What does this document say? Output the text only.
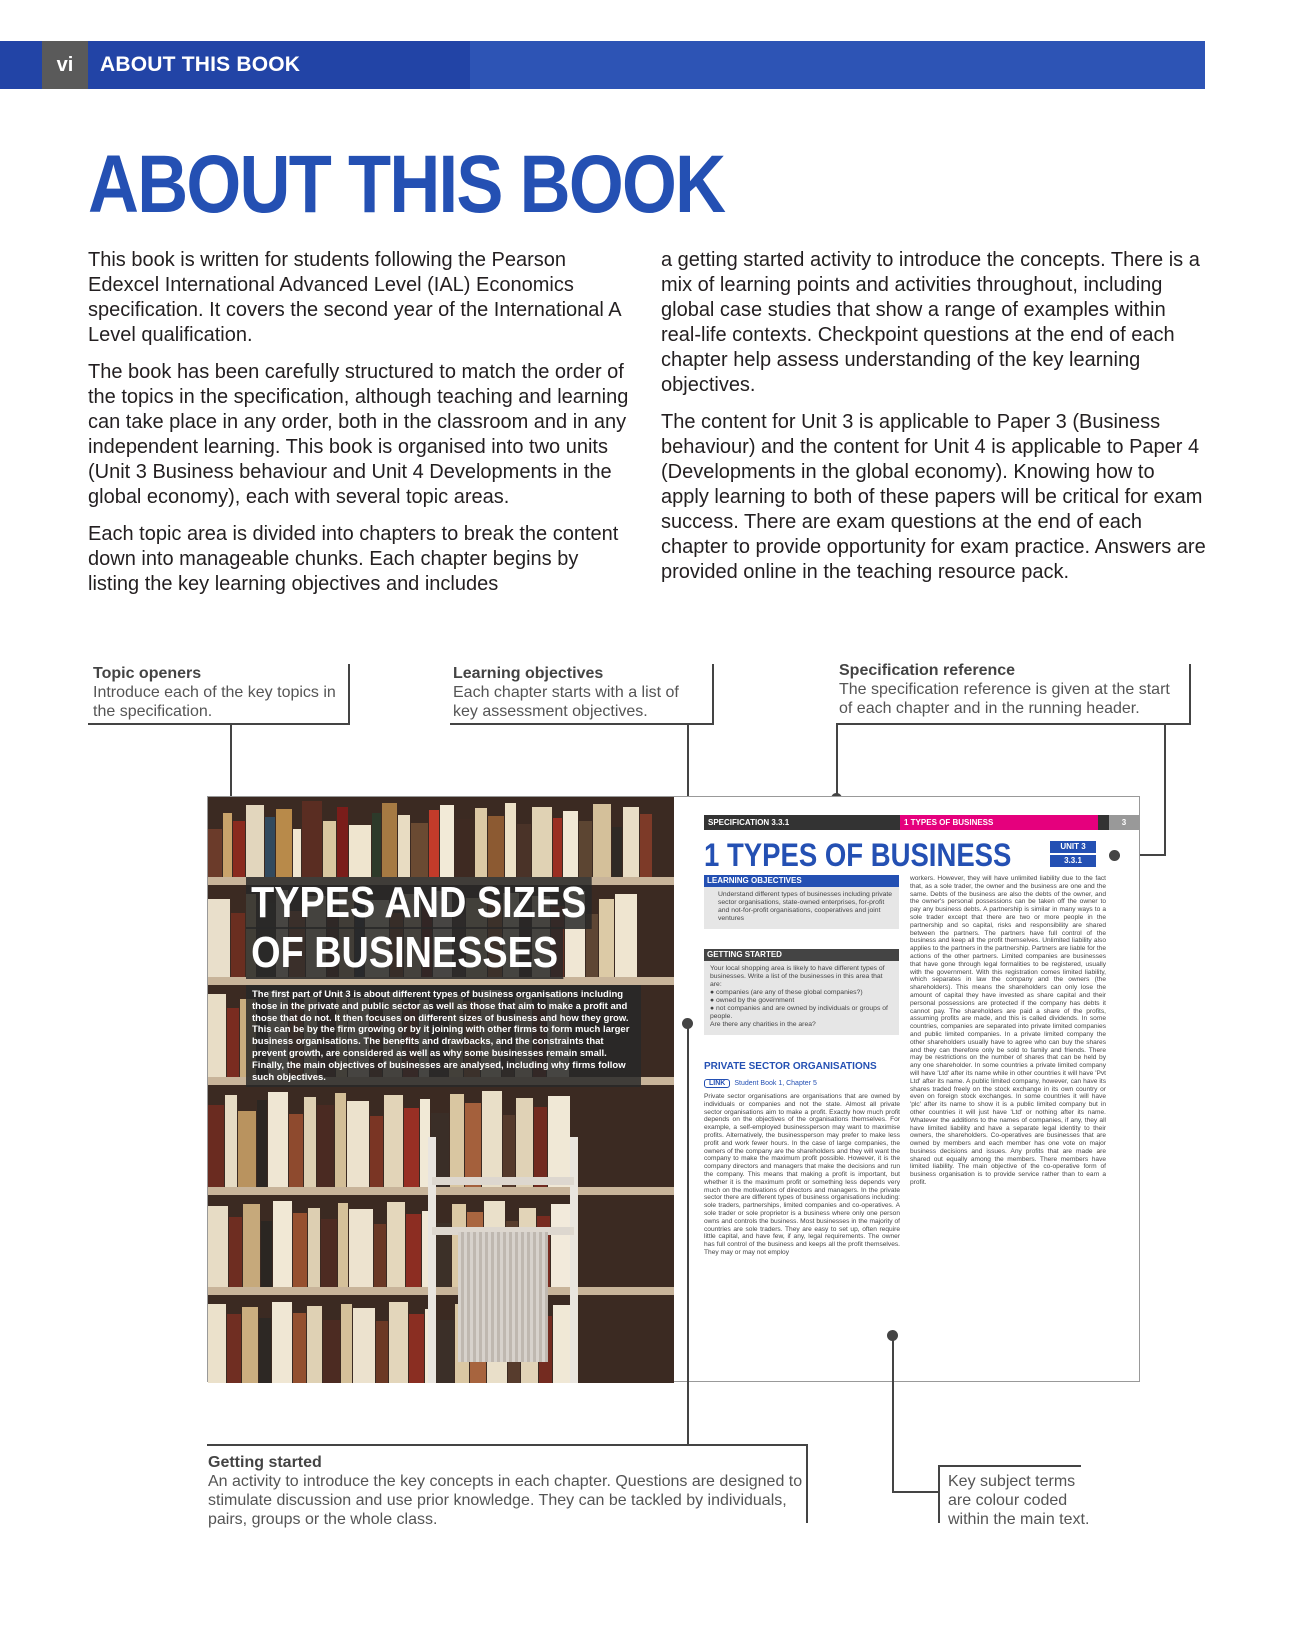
vi	ABOUT THIS BOOK
ABOUT THIS BOOK

This book is written for students following the Pearson Edexcel International Advanced Level (IAL) Economics specification. It covers the second year of the International A Level qualification.

The book has been carefully structured to match the order of the topics in the specification, although teaching and learning can take place in any order, both in the classroom and in any independent learning. This book is organised into two units (Unit 3 Business behaviour and Unit 4 Developments in the global economy), each with several topic areas.

Each topic area is divided into chapters to break the content down into manageable chunks. Each chapter begins by listing the key learning objectives and includes

a getting started activity to introduce the concepts. There is a mix of learning points and activities throughout, including global case studies that show a range of examples within real-life contexts. Checkpoint questions at the end of each chapter help assess understanding of the key learning objectives.

The content for Unit 3 is applicable to Paper 3 (Business behaviour) and the content for Unit 4 is applicable to Paper 4 (Developments in the global economy). Knowing how to apply learning to both of these papers will be critical for exam success. There are exam questions at the end of each chapter to provide opportunity for exam practice. Answers are provided online in the teaching resource pack.

Topic openers
Introduce each of the key topics in the specification.
Learning objectives
Each chapter starts with a list of key assessment objectives.
Specification reference
The specification reference is given at the start of each chapter and in the running header.
TYPES AND SIZES
OF BUSINESSES
The first part of Unit 3 is about different types of business organisations including those in the private and public sector as well as those that aim to make a profit and those that do not. It then focuses on different sizes of business and how they grow. This can be by the firm growing or by it joining with other firms to form much larger business organisations. The benefits and drawbacks, and the constraints that prevent growth, are considered as well as why some businesses remain small. Finally, the main objectives of businesses are analysed, including why firms follow such objectives.
SPECIFICATION 3.3.1	1 TYPES OF BUSINESS	3
1 TYPES OF BUSINESS	UNIT 3
3.3.1
LEARNING OBJECTIVES
Understand different types of businesses including private sector organisations, state-owned enterprises, for-profit and not-for-profit organisations, cooperatives and joint ventures
GETTING STARTED
Your local shopping area is likely to have different types of businesses. Write a list of the businesses in this area that are:
● companies (are any of these global companies?)
● owned by the government
● not companies and are owned by individuals or groups of people.
Are there any charities in the area?
PRIVATE SECTOR ORGANISATIONS
LINK Student Book 1, Chapter 5
Private sector organisations are organisations that are owned by individuals or companies and not the state. Almost all private sector organisations aim to make a profit. Exactly how much profit depends on the objectives of the organisations themselves. For example, a self-employed businessperson may want to maximise profits. Alternatively, the businessperson may prefer to make less profit and work fewer hours. In the case of large companies, the owners of the company are the shareholders and they will want the company to make the maximum profit possible. However, it is the company directors and managers that make the decisions and run the company. This means that making a profit is important, but whether it is the maximum profit or something less depends very much on the motivations of directors and managers. In the private sector there are different types of business organisations including: sole traders, partnerships, limited companies and co-operatives. A sole trader or sole proprietor is a business where only one person owns and controls the business. Most businesses in the majority of countries are sole traders. They are easy to set up, often require little capital, and have few, if any, legal requirements. The owner has full control of the business and keeps all the profit themselves. They may or may not employ
workers. However, they will have unlimited liability due to the fact that, as a sole trader, the owner and the business are one and the same. Debts of the business are also the debts of the owner, and the owner's personal possessions can be taken off the owner to pay any business debts. A partnership is similar in many ways to a sole trader except that there are two or more people in the partnership and so capital, risks and responsibility are shared between the partners. The partners have full control of the business and keep all the profit themselves. Unlimited liability also applies to the partners in the partnership. Partners are liable for the actions of the other partners. Limited companies are businesses that have gone through legal formalities to be registered, usually with the government. With this registration comes limited liability, which separates in law the company and the owners (the shareholders). This means the shareholders can only lose the amount of capital they have invested as share capital and their personal possessions are protected if the company has debts it cannot pay. The shareholders are paid a share of the profits, assuming profits are made, and this is called dividends. In some countries, companies are separated into private limited companies and public limited companies. In a private limited company the other shareholders usually have to agree who can buy the shares and they can therefore only be sold to family and friends. There may be restrictions on the number of shares that can be held by any one shareholder. In some countries a private limited company will have 'Ltd' after its name while in other countries it will have 'Pvt Ltd' after its name. A public limited company, however, can have its shares traded freely on the stock exchange in its own country or even on foreign stock exchanges. In some countries it will have 'plc' after its name to show it is a public limited company but in other countries it will just have 'Ltd' or nothing after its name. Whatever the additions to the names of companies, if any, they all have limited liability and have a separate legal identity to their owners, the shareholders. Co-operatives are businesses that are owned by members and each member has one vote on major business decisions and issues. Any profits that are made are shared out equally among the members. There members have limited liability. The main objective of the co-operative form of business organisation is to provide service rather than to earn a profit.
Getting started
An activity to introduce the key concepts in each chapter. Questions are designed to stimulate discussion and use prior knowledge. They can be tackled by individuals, pairs, groups or the whole class.
Key subject terms are colour coded within the main text.
